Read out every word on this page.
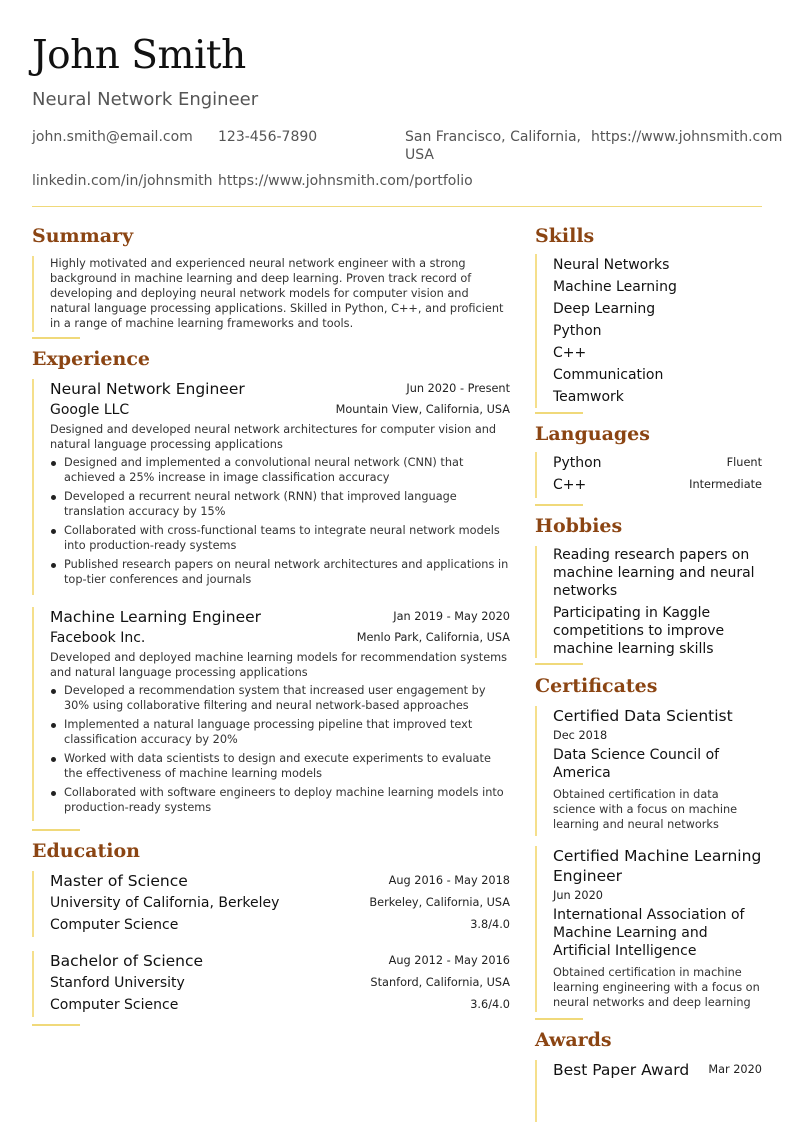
John Smith
Neural Network Engineer
john.smith@email.com 123-456-7890	San Francisco, California,
USA
https://www.johnsmith.com
linkedin.com/in/johnsmith https://www.johnsmith.com/portfolio
Summary
Highly motivated and experienced neural network engineer with a strong background in machine learning and deep learning. Proven track record of developing and deploying neural network models for computer vision and natural language processing applications. Skilled in Python, C++, and proficient in a range of machine learning frameworks and tools.
Experience
Neural Network Engineer	Jun 2020 - Present
Google LLC	Mountain View, California, USA
Designed and developed neural network architectures for computer vision and natural language processing applications
Designed and implemented a convolutional neural network (CNN) that achieved a 25% increase in image classification accuracy
Developed a recurrent neural network (RNN) that improved language translation accuracy by 15%
Collaborated with cross-functional teams to integrate neural network models into production-ready systems
Published research papers on neural network architectures and applications in top-tier conferences and journals
Machine Learning Engineer	Jan 2019 - May 2020
Facebook Inc.	Menlo Park, California, USA
Developed and deployed machine learning models for recommendation systems and natural language processing applications
Developed a recommendation system that increased user engagement by 30% using collaborative filtering and neural network-based approaches
Implemented a natural language processing pipeline that improved text classification accuracy by 20%
Worked with data scientists to design and execute experiments to evaluate the effectiveness of machine learning models
Collaborated with software engineers to deploy machine learning models into production-ready systems
Education
Master of Science	Aug 2016 - May 2018
University of California, Berkeley	Berkeley, California, USA
Computer Science	3.8/4.0
Bachelor of Science	Aug 2012 - May 2016
Stanford University	Stanford, California, USA
Computer Science	3.6/4.0
Skills
Neural Networks
Machine Learning
Deep Learning
Python
C++
Communication
Teamwork
Languages
Python	Fluent
C++	Intermediate
Hobbies
Reading research papers on machine learning and neural networks
Participating in Kaggle competitions to improve machine learning skills
Certificates
Certified Data Scientist
Dec 2018
Data Science Council of America
Obtained certification in data science with a focus on machine learning and neural networks
Certified Machine Learning Engineer
Jun 2020
International Association of Machine Learning and Artificial Intelligence
Obtained certification in machine learning engineering with a focus on neural networks and deep learning
Awards
Best Paper Award	Mar 2020
